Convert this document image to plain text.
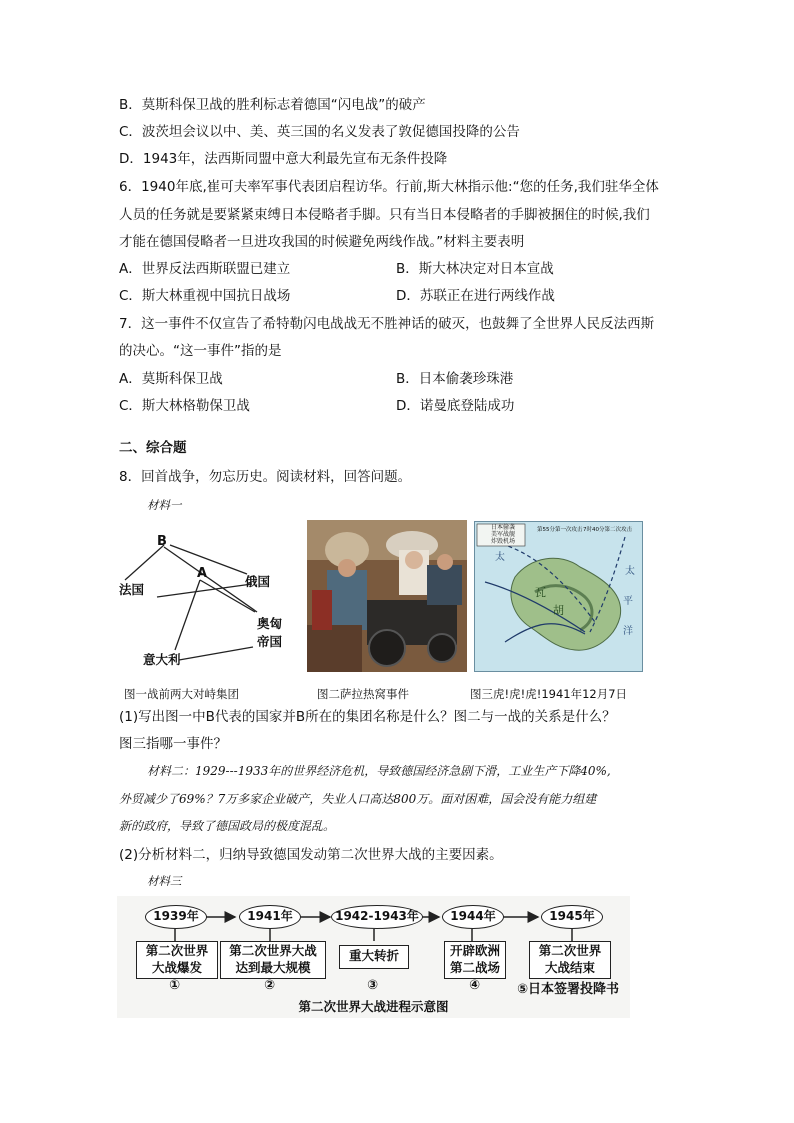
B．莫斯科保卫战的胜利标志着德国“闪电战”的破产
C．波茨坦会议以中、美、英三国的名义发表了敦促德国投降的公告
D．1943年，法西斯同盟中意大利最先宣布无条件投降
6．1940年底,崔可夫率军事代表团启程访华。行前,斯大林指示他:“您的任务,我们驻华全体
人员的任务就是要紧紧束缚日本侵略者手脚。只有当日本侵略者的手脚被捆住的时候,我们
才能在德国侵略者一旦进攻我国的时候避免两线作战。”材料主要表明
A．世界反法西斯联盟已建立	B．斯大林决定对日本宣战
C．斯大林重视中国抗日战场	D．苏联正在进行两线作战
7．这一事件不仅宣告了希特勒闪电战战无不胜神话的破灭，也鼓舞了全世界人民反法西斯
的决心。“这一事件”指的是
A．莫斯科保卫战	B．日本偷袭珍珠港
C．斯大林格勒保卫战	D．诺曼底登陆成功
二、综合题
8．回首战争，勿忘历史。阅读材料，回答问题。
材料一
B
A
法国
俄国
奥匈
帝国
意大利
日本偷袭
美军战舰
炸毁机场
第55分第一次攻击 7时40分第二次攻击
太
太
平
洋
瓦
胡
图一战前两大对峙集团	图二萨拉热窝事件	图三虎!虎!虎!1941年12月7日
(1)写出图一中B代表的国家并B所在的集团名称是什么？图二与一战的关系是什么？
图三指哪一事件？
材料二：1929---1933年的世界经济危机，导致德国经济急剧下滑，工业生产下降40%,
外贸减少了69%？7万多家企业破产，失业人口高达800万。面对困难，国会没有能力组建
新的政府，导致了德国政局的极度混乱。
(2)分析材料二，归纳导致德国发动第二次世界大战的主要因素。
材料三
1939年	1941年	1942-1943年	1944年	1945年
第二次世界
大战爆发
第二次世界大战
达到最大规模
重大转折	开辟欧洲
第二战场
第二次世界
大战结束
①	②	③	④	⑤日本签署投降书
第二次世界大战进程示意图
